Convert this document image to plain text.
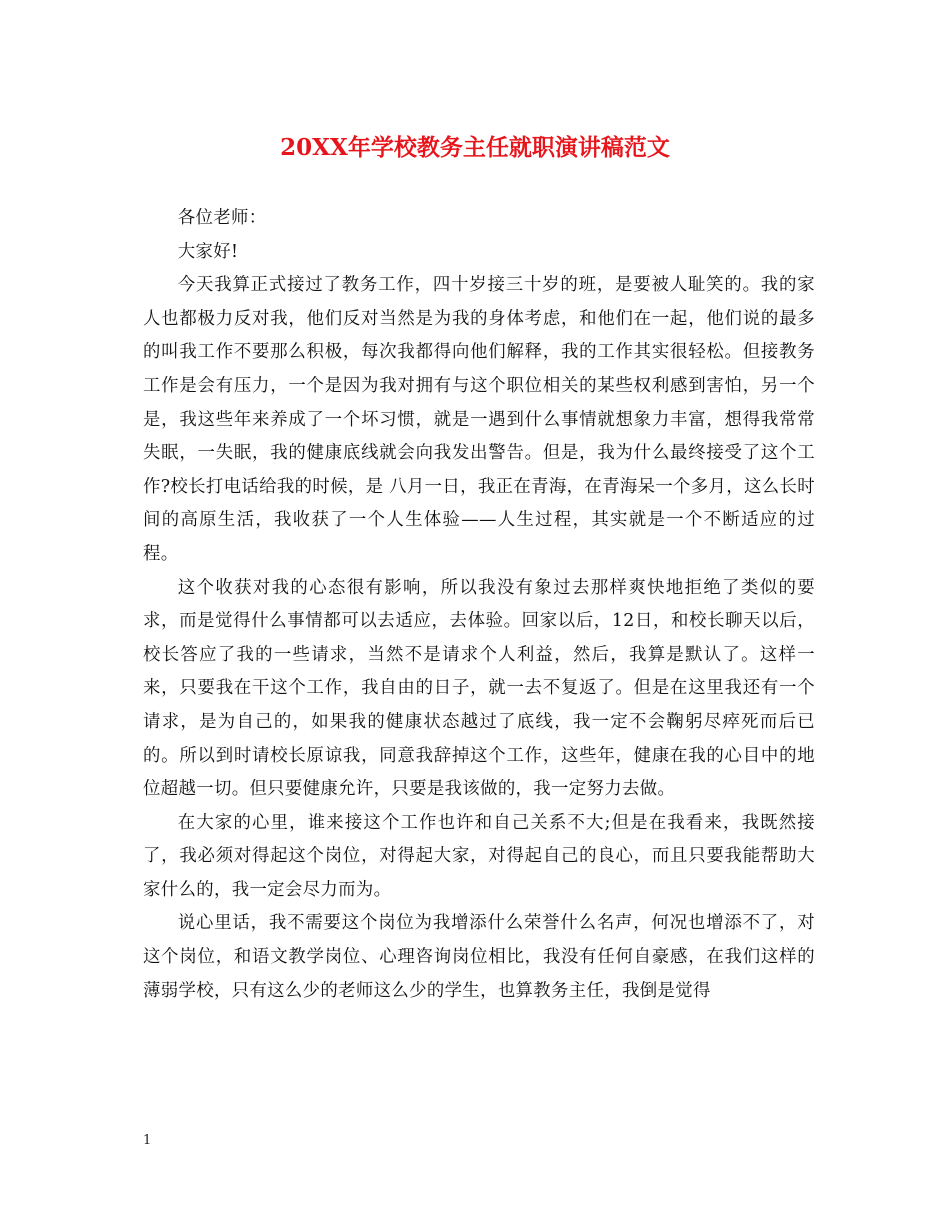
20XX年学校教务主任就职演讲稿范文

各位老师：

大家好!

今天我算正式接过了教务工作，四十岁接三十岁的班，是要被人耻笑的。我的家人也都极力反对我，他们反对当然是为我的身体考虑，和他们在一起，他们说的最多的叫我工作不要那么积极，每次我都得向他们解释，我的工作其实很轻松。但接教务工作是会有压力，一个是因为我对拥有与这个职位相关的某些权利感到害怕，另一个是，我这些年来养成了一个坏习惯，就是一遇到什么事情就想象力丰富，想得我常常失眠，一失眠，我的健康底线就会向我发出警告。但是，我为什么最终接受了这个工作?校长打电话给我的时候，是 八月一日，我正在青海，在青海呆一个多月，这么长时间的高原生活，我收获了一个人生体验——人生过程，其实就是一个不断适应的过程。

这个收获对我的心态很有影响，所以我没有象过去那样爽快地拒绝了类似的要求，而是觉得什么事情都可以去适应，去体验。回家以后，12日，和校长聊天以后，校长答应了我的一些请求，当然不是请求个人利益，然后，我算是默认了。这样一来，只要我在干这个工作，我自由的日子，就一去不复返了。但是在这里我还有一个请求，是为自己的，如果我的健康状态越过了底线，我一定不会鞠躬尽瘁死而后已的。所以到时请校长原谅我，同意我辞掉这个工作，这些年，健康在我的心目中的地位超越一切。但只要健康允许，只要是我该做的，我一定努力去做。

在大家的心里，谁来接这个工作也许和自己关系不大;但是在我看来，我既然接了，我必须对得起这个岗位，对得起大家，对得起自己的良心，而且只要我能帮助大家什么的，我一定会尽力而为。

说心里话，我不需要这个岗位为我增添什么荣誉什么名声，何况也增添不了，对这个岗位，和语文教学岗位、心理咨询岗位相比，我没有任何自豪感，在我们这样的薄弱学校，只有这么少的老师这么少的学生，也算教务主任，我倒是觉得

1
